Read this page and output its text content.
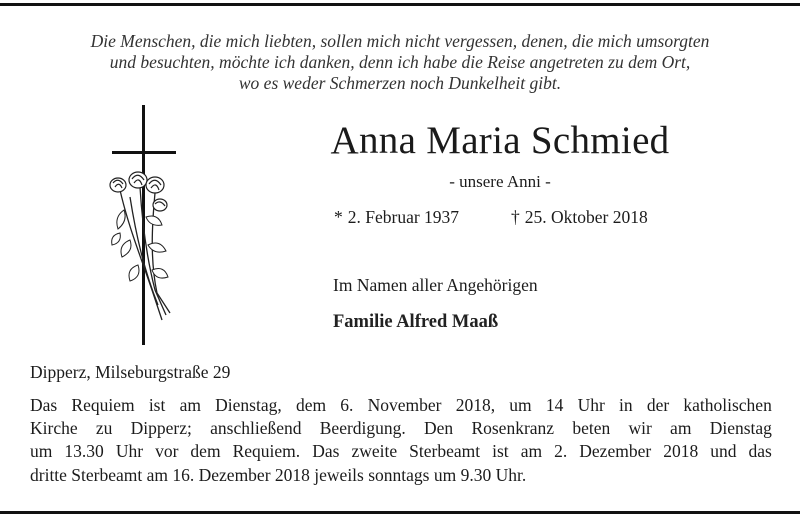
Die Menschen, die mich liebten, sollen mich nicht vergessen, denen, die mich umsorgten
und besuchten, möchte ich danken, denn ich habe die Reise angetreten zu dem Ort,
wo es weder Schmerzen noch Dunkelheit gibt.
Anna Maria Schmied
- unsere Anni -
* 2. Februar 1937	† 25. Oktober 2018
Im Namen aller Angehörigen
Familie Alfred Maaß
Dipperz, Milseburgstraße 29
Das Requiem ist am Dienstag, dem 6. November 2018, um 14 Uhr in der katholischen
Kirche zu Dipperz; anschließend Beerdigung. Den Rosenkranz beten wir am Dienstag
um 13.30 Uhr vor dem Requiem. Das zweite Sterbeamt ist am 2. Dezember 2018 und das
dritte Sterbeamt am 16. Dezember 2018 jeweils sonntags um 9.30 Uhr.
